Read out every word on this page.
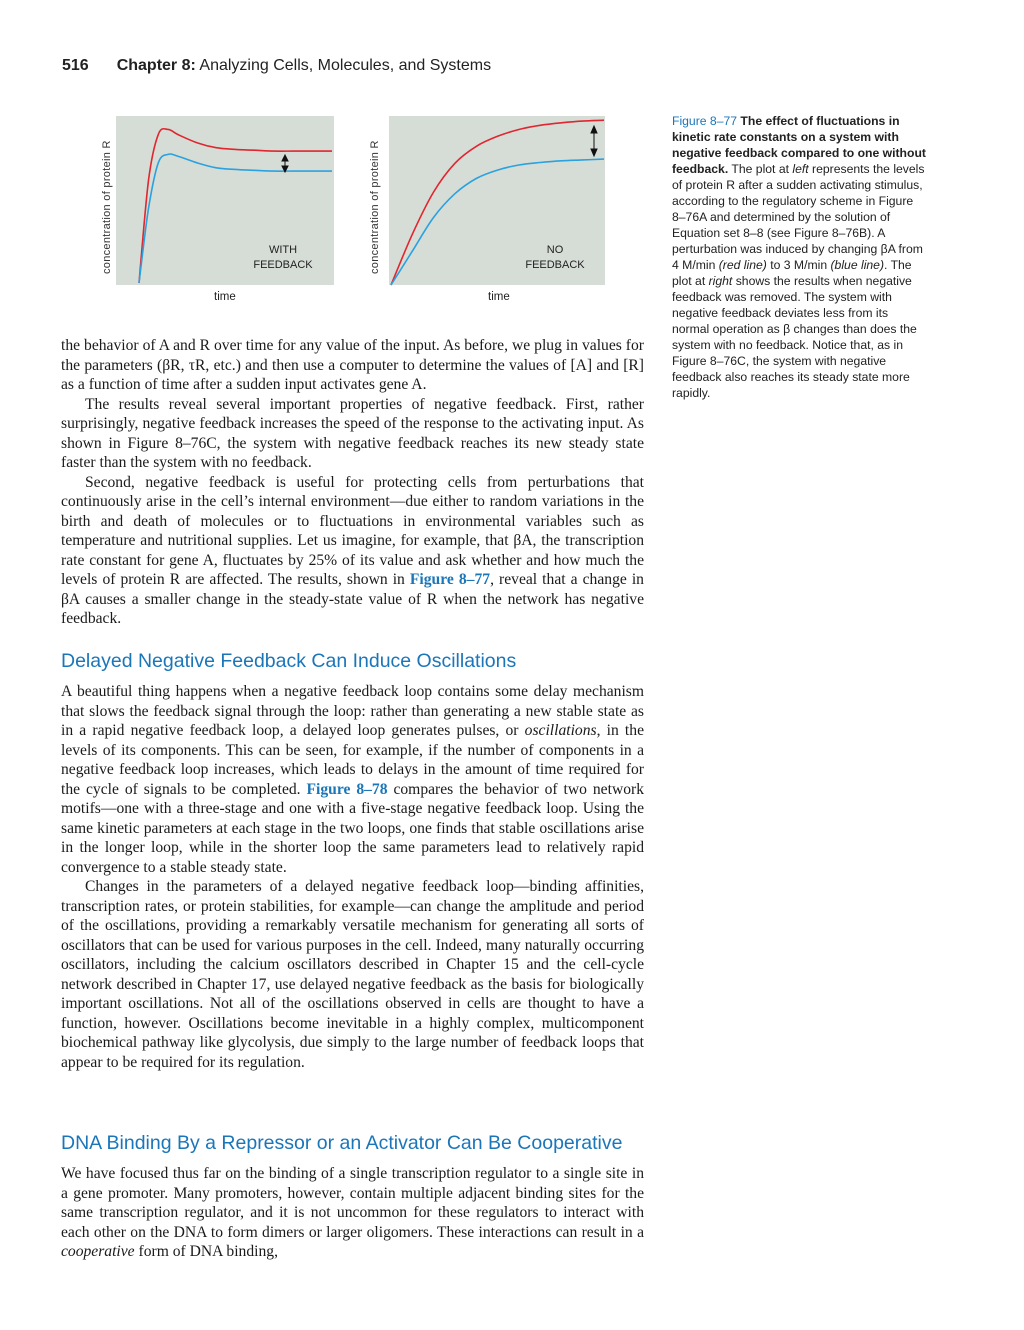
516 Chapter 8: Analyzing Cells, Molecules, and Systems
concentration of protein R
time
WITH
FEEDBACK	concentration of protein R
time
NO
FEEDBACK
Figure 8–77 The effect of fluctuations in kinetic rate constants on a system with negative feedback compared to one without feedback. The plot at left represents the levels of protein R after a sudden activating stimulus, according to the regulatory scheme in Figure 8–76A and determined by the solution of Equation set 8–8 (see Figure 8–76B). A perturbation was induced by changing βA from 4 M/min (red line) to 3 M/min (blue line). The plot at right shows the results when negative feedback was removed. The system with negative feedback deviates less from its normal operation as β changes than does the system with no feedback. Notice that, as in Figure 8–76C, the system with negative feedback also reaches its steady state more rapidly.

the behavior of A and R over time for any value of the input. As before, we plug in values for the parameters (βR, τR, etc.) and then use a computer to determine the values of [A] and [R] as a function of time after a sudden input activates gene A.

The results reveal several important properties of negative feedback. First, rather surprisingly, negative feedback increases the speed of the response to the activating input. As shown in Figure 8–76C, the system with negative feedback reaches its new steady state faster than the system with no feedback.

Second, negative feedback is useful for protecting cells from perturbations that continuously arise in the cell’s internal environment—due either to random variations in the birth and death of molecules or to fluctuations in environmental variables such as temperature and nutritional supplies. Let us imagine, for example, that βA, the transcription rate constant for gene A, fluctuates by 25% of its value and ask whether and how much the levels of protein R are affected. The results, shown in Figure 8–77, reveal that a change in βA causes a smaller change in the steady-state value of R when the network has negative feedback.

Delayed Negative Feedback Can Induce Oscillations

A beautiful thing happens when a negative feedback loop contains some delay mechanism that slows the feedback signal through the loop: rather than generating a new stable state as in a rapid negative feedback loop, a delayed loop generates pulses, or oscillations, in the levels of its components. This can be seen, for example, if the number of components in a negative feedback loop increases, which leads to delays in the amount of time required for the cycle of signals to be completed. Figure 8–78 compares the behavior of two network motifs—one with a three-stage and one with a five-stage negative feedback loop. Using the same kinetic parameters at each stage in the two loops, one finds that stable oscillations arise in the longer loop, while in the shorter loop the same parameters lead to relatively rapid convergence to a stable steady state.

Changes in the parameters of a delayed negative feedback loop—binding affinities, transcription rates, or protein stabilities, for example—can change the amplitude and period of the oscillations, providing a remarkably versatile mechanism for generating all sorts of oscillators that can be used for various purposes in the cell. Indeed, many naturally occurring oscillators, including the calcium oscillators described in Chapter 15 and the cell-cycle network described in Chapter 17, use delayed negative feedback as the basis for biologically important oscillations. Not all of the oscillations observed in cells are thought to have a function, however. Oscillations become inevitable in a highly complex, multicomponent biochemical pathway like glycolysis, due simply to the large number of feedback loops that appear to be required for its regulation.

DNA Binding By a Repressor or an Activator Can Be Cooperative

We have focused thus far on the binding of a single transcription regulator to a single site in a gene promoter. Many promoters, however, contain multiple adjacent binding sites for the same transcription regulator, and it is not uncommon for these regulators to interact with each other on the DNA to form dimers or larger oligomers. These interactions can result in a cooperative form of DNA binding,
